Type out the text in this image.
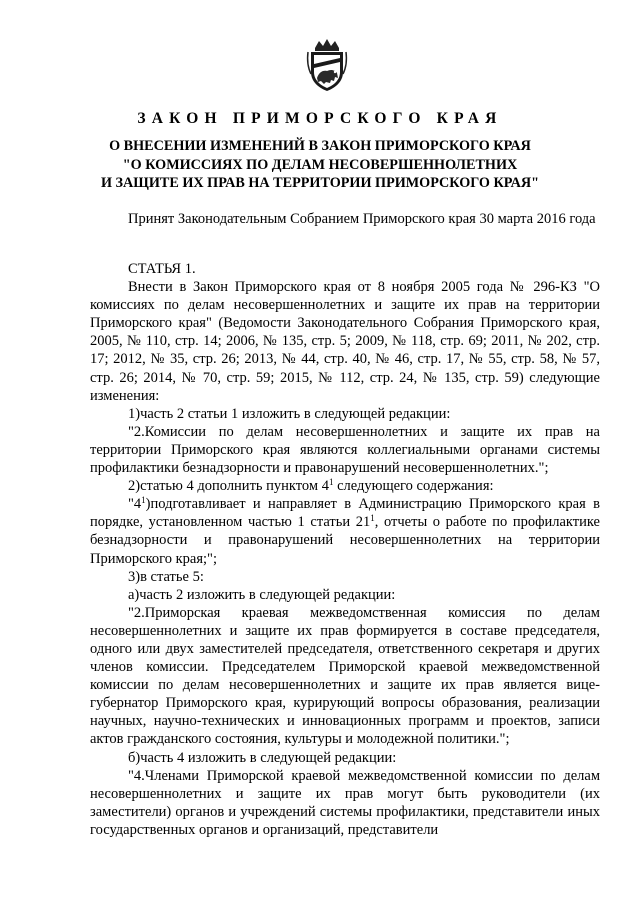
ЗАКОН ПРИМОРСКОГО КРАЯ
О ВНЕСЕНИИ ИЗМЕНЕНИЙ В ЗАКОН ПРИМОРСКОГО КРАЯ
"О КОМИССИЯХ ПО ДЕЛАМ НЕСОВЕРШЕННОЛЕТНИХ
И ЗАЩИТЕ ИХ ПРАВ НА ТЕРРИТОРИИ ПРИМОРСКОГО КРАЯ"
Принят Законодательным Собранием Приморского края 30 марта 2016 года

СТАТЬЯ 1.

Внести в Закон Приморского края от 8 ноября 2005 года № 296-КЗ "О комиссиях по делам несовершеннолетних и защите их прав на территории Приморского края" (Ведомости Законодательного Собрания Приморского края, 2005, № 110, стр. 14; 2006, № 135, стр. 5; 2009, № 118, стр. 69; 2011, № 202, стр. 17; 2012, № 35, стр. 26; 2013, № 44, стр. 40, № 46, стр. 17, № 55, стр. 58, № 57, стр. 26; 2014, № 70, стр. 59; 2015, № 112, стр. 24, № 135, стр. 59) следующие изменения:

1)часть 2 статьи 1 изложить в следующей редакции:

"2.Комиссии по делам несовершеннолетних и защите их прав на территории Приморского края являются коллегиальными органами системы профилактики безнадзорности и правонарушений несовершеннолетних.";

2)статью 4 дополнить пунктом $4^1$ следующего содержания:

"$4^1)подготавливает$ и направляет в Администрацию Приморского края в порядке, установленном частью 1 статьи $21^1$, отчеты о работе по профилактике безнадзорности и правонарушений несовершеннолетних на территории Приморского края;";

3)в статье 5:

а)часть 2 изложить в следующей редакции:

"2.Приморская краевая межведомственная комиссия по делам несовершеннолетних и защите их прав формируется в составе председателя, одного или двух заместителей председателя, ответственного секретаря и других членов комиссии. Председателем Приморской краевой межведомственной комиссии по делам несовершеннолетних и защите их прав является вице-губернатор Приморского края, курирующий вопросы образования, реализации научных, научно-технических и инновационных программ и проектов, записи актов гражданского состояния, культуры и молодежной политики.";

б)часть 4 изложить в следующей редакции:

"4.Членами Приморской краевой межведомственной комиссии по делам несовершеннолетних и защите их прав могут быть руководители (их заместители) органов и учреждений системы профилактики, представители иных государственных органов и организаций, представители
